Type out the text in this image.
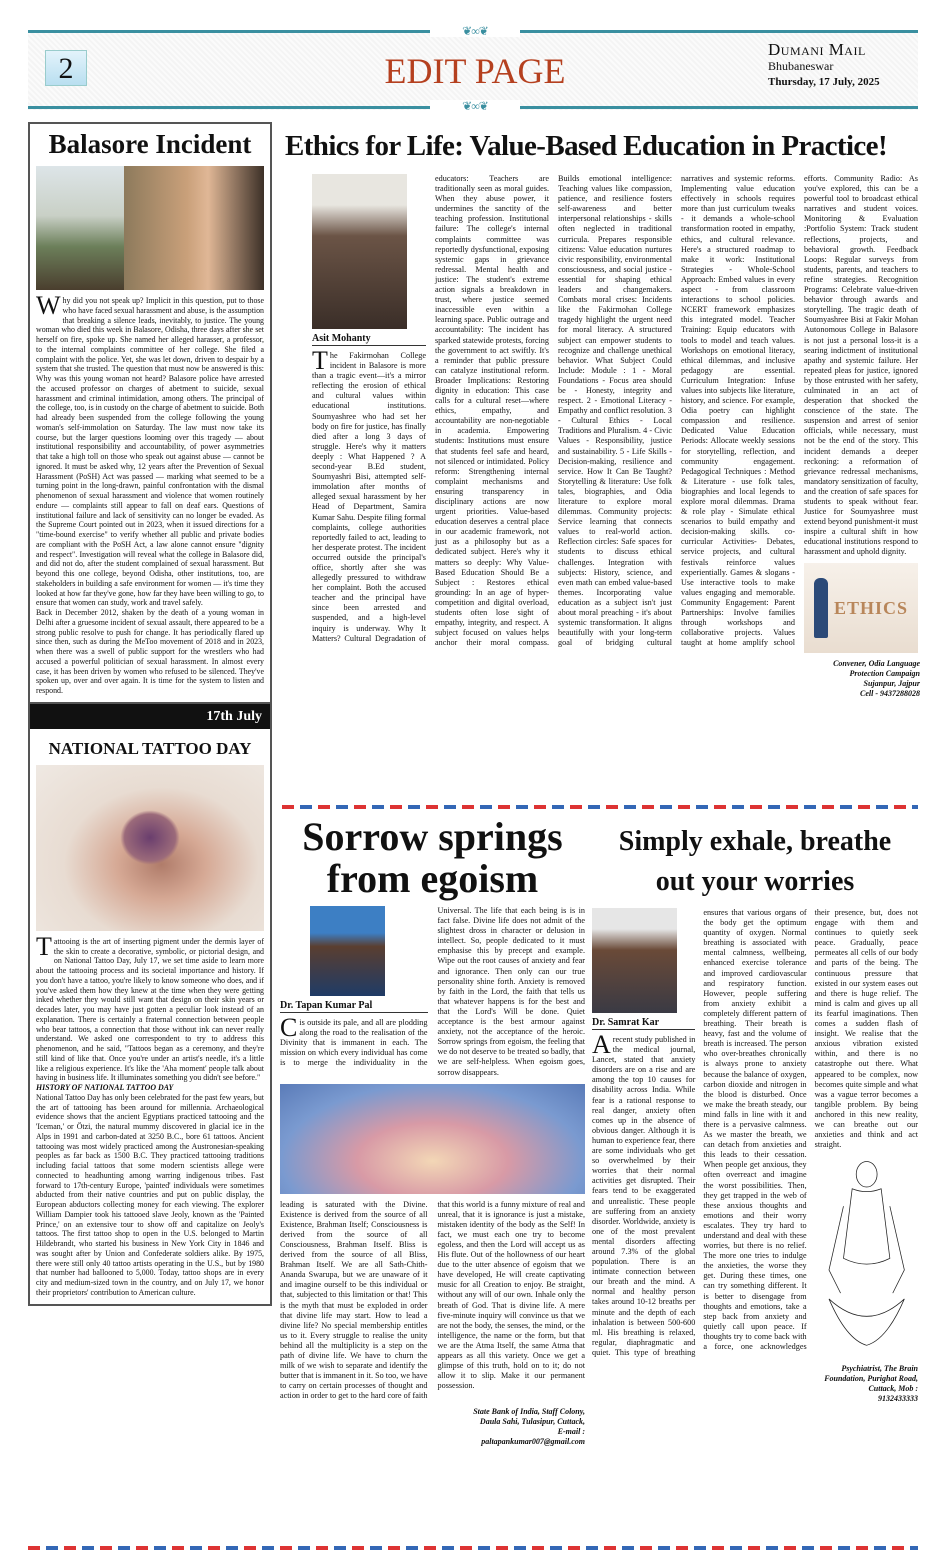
❦∞❦
❦∞❦
2	EDIT PAGE
Dumani Mail
Bhubaneswar
Thursday, 17 July, 2025
Balasore Incident

Why did you not speak up? Implicit in this question, put to those who have faced sexual harassment and abuse, is the assumption that breaking a silence leads, inevitably, to justice. The young woman who died this week in Balasore, Odisha, three days after she set herself on fire, spoke up. She named her alleged harasser, a professor, to the internal complaints committee of her college. She filed a complaint with the police. Yet, she was let down, driven to despair by a system that she trusted. The question that must now be answered is this: Why was this young woman not heard? Balasore police have arrested the accused professor on charges of abetment to suicide, sexual harassment and criminal intimidation, among others. The principal of the college, too, is in custody on the charge of abetment to suicide. Both had already been suspended from the college following the young woman's self-immolation on Saturday. The law must now take its course, but the larger questions looming over this tragedy — about institutional responsibility and accountability, of power asymmetries that take a high toll on those who speak out against abuse — cannot be ignored. It must be asked why, 12 years after the Prevention of Sexual Harassment (PoSH) Act was passed — marking what seemed to be a turning point in the long-drawn, painful confrontation with the dismal phenomenon of sexual harassment and violence that women routinely endure — complaints still appear to fall on deaf ears. Questions of institutional failure and lack of sensitivity can no longer be evaded. As the Supreme Court pointed out in 2023, when it issued directions for a "time-bound exercise" to verify whether all public and private bodies are compliant with the PoSH Act, a law alone cannot ensure "dignity and respect". Investigation will reveal what the college in Balasore did, and did not do, after the student complained of sexual harassment. But beyond this one college, beyond Odisha, other institutions, too, are stakeholders in building a safe environment for women — it's time they looked at how far they've gone, how far they have been willing to go, to ensure that women can study, work and travel safely.

Back in December 2012, shaken by the death of a young woman in Delhi after a gruesome incident of sexual assault, there appeared to be a strong public resolve to push for change. It has periodically flared up since then, such as during the MeToo movement of 2018 and in 2023, when there was a swell of public support for the wrestlers who had accused a powerful politician of sexual harassment. In almost every case, it has been driven by women who refused to be silenced. They've spoken up, over and over again. It is time for the system to listen and respond.

17th July
NATIONAL TATTOO DAY

Tattooing is the art of inserting pigment under the dermis layer of the skin to create a decorative, symbolic, or pictorial design, and on National Tattoo Day, July 17, we set time aside to learn more about the tattooing process and its societal importance and history. If you don't have a tattoo, you're likely to know someone who does, and if you've asked them how they knew at the time when they were getting inked whether they would still want that design on their skin years or decades later, you may have just gotten a peculiar look instead of an explanation. There is certainly a fraternal connection between people who bear tattoos, a connection that those without ink can never really understand. We asked one correspondent to try to address this phenomenon, and he said, "Tattoos began as a ceremony, and they're still kind of like that. Once you're under an artist's needle, it's a little like a religious experience. It's like the 'Aha moment' people talk about having in business life. It illuminates something you didn't see before."

HISTORY OF NATIONAL TATTOO DAY

National Tattoo Day has only been celebrated for the past few years, but the art of tattooing has been around for millennia. Archaeological evidence shows that the ancient Egyptians practiced tattooing and the 'Iceman,' or Ötzi, the natural mummy discovered in glacial ice in the Alps in 1991 and carbon-dated at 3250 B.C., bore 61 tattoos. Ancient tattooing was most widely practiced among the Austronesian-speaking peoples as far back as 1500 B.C. They practiced tattooing traditions including facial tattoos that some modern scientists allege were connected to headhunting among warring indigenous tribes. Fast forward to 17th-century Europe, 'painted' individuals were sometimes abducted from their native countries and put on public display, the European abductors collecting money for each viewing. The explorer William Dampier took his tattooed slave Jeoly, known as the 'Painted Prince,' on an extensive tour to show off and capitalize on Jeoly's tattoos. The first tattoo shop to open in the U.S. belonged to Martin Hildebrandt, who started his business in New York City in 1846 and was sought after by Union and Confederate soldiers alike. By 1975, there were still only 40 tattoo artists operating in the U.S., but by 1980 that number had ballooned to 5,000. Today, tattoo shops are in every city and medium-sized town in the country, and on July 17, we honor their proprietors' contribution to American culture.

Ethics for Life: Value-Based Education in Practice!
Asit Mohanty

The Fakirmohan College incident in Balasore is more than a tragic event—it's a mirror reflecting the erosion of ethical and cultural values within educational institutions. Soumyashree who had set her body on fire for justice, has finally died after a long 3 days of struggle. Here's why it matters deeply : What Happened ? A second-year B.Ed student, Soumyashri Bisi, attempted self-immolation after months of alleged sexual harassment by her Head of Department, Samira Kumar Sahu. Despite filing formal complaints, college authorities reportedly failed to act, leading to her desperate protest. The incident occurred outside the principal's office, shortly after she was allegedly pressured to withdraw her complaint. Both the accused teacher and the principal have since been arrested and suspended, and a high-level inquiry is underway. Why It Matters? Cultural Degradation of educators: Teachers are traditionally seen as moral guides. When they abuse power, it undermines the sanctity of the teaching profession. Institutional failure: The college's internal complaints committee was reportedly dysfunctional, exposing systemic gaps in grievance redressal. Mental health and justice: The student's extreme action signals a breakdown in trust, where justice seemed inaccessible even within a learning space. Public outrage and accountability: The incident has sparked statewide protests, forcing the government to act swiftly. It's a reminder that public pressure can catalyze institutional reform. Broader Implications: Restoring dignity in education: This case calls for a cultural reset—where ethics, empathy, and accountability are non-negotiable in academia. Empowering students: Institutions must ensure that students feel safe and heard, not silenced or intimidated. Policy reform: Strengthening internal complaint mechanisms and ensuring transparency in disciplinary actions are now urgent priorities. Value-based education deserves a central place in our academic framework, not just as a philosophy but as a dedicated subject. Here's why it matters so deeply: Why Value-Based Education Should Be a Subject : Restores ethical grounding: In an age of hyper-competition and digital overload, students often lose sight of empathy, integrity, and respect. A subject focused on values helps anchor their moral compass. Builds emotional intelligence: Teaching values like compassion, patience, and resilience fosters self-awareness and better interpersonal relationships - skills often neglected in traditional curricula. Prepares responsible citizens: Value education nurtures civic responsibility, environmental consciousness, and social justice - essential for shaping ethical leaders and changemakers. Combats moral crises: Incidents like the Fakirmohan College tragedy highlight the urgent need for moral literacy. A structured subject can empower students to recognize and challenge unethical behavior. What Subject Could Include: Module : 1 - Moral Foundations - Focus area should be - Honesty, integrity and respect. 2 - Emotional Literacy - Empathy and conflict resolution. 3 - Cultural Ethics - Local Traditions and Pluralism. 4 - Civic Values - Responsibility, justice and sustainability. 5 - Life Skills - Decision-making, resilience and service. How It Can Be Taught? Storytelling & literature: Use folk tales, biographies, and Odia literature to explore moral dilemmas. Community projects: Service learning that connects values to real-world action. Reflection circles: Safe spaces for students to discuss ethical challenges. Integration with subjects: History, science, and even math can embed value-based themes. Incorporating value education as a subject isn't just about moral preaching - it's about systemic transformation. It aligns beautifully with your long-term goal of bridging cultural narratives and systemic reforms. Implementing value education effectively in schools requires more than just curriculum tweaks - it demands a whole-school transformation rooted in empathy, ethics, and cultural relevance. Here's a structured roadmap to make it work: Institutional Strategies - Whole-School Approach: Embed values in every aspect - from classroom interactions to school policies. NCERT framework emphasizes this integrated model. Teacher Training: Equip educators with tools to model and teach values. Workshops on emotional literacy, ethical dilemmas, and inclusive pedagogy are essential. Curriculum Integration: Infuse values into subjects like literature, history, and science. For example, Odia poetry can highlight compassion and resilience. Dedicated Value Education Periods: Allocate weekly sessions for storytelling, reflection, and community engagement. Pedagogical Techniques : Method & Literature - use folk tales, biographies and local legends to explore moral dilemmas. Drama & role play - Simulate ethical scenarios to build empathy and decision-making skills. co-curricular Activities- Debates, service projects, and cultural festivals reinforce values experientially. Games & slogans - Use interactive tools to make values engaging and memorable. Community Engagement: Parent Partnerships: Involve families through workshops and collaborative projects. Values taught at home amplify school efforts. Community Radio: As you've explored, this can be a powerful tool to broadcast ethical narratives and student voices. Monitoring & Evaluation :Portfolio System: Track student reflections, projects, and behavioral growth. Feedback Loops: Regular surveys from students, parents, and teachers to refine strategies. Recognition Programs: Celebrate value-driven behavior through awards and storytelling. The tragic death of Soumyashree Bisi at Fakir Mohan Autonomous College in Balasore is not just a personal loss-it is a searing indictment of institutional apathy and systemic failure. Her repeated pleas for justice, ignored by those entrusted with her safety, culminated in an act of desperation that shocked the conscience of the state. The suspension and arrest of senior officials, while necessary, must not be the end of the story. This incident demands a deeper reckoning: a reformation of grievance redressal mechanisms, mandatory sensitization of faculty, and the creation of safe spaces for students to speak without fear. Justice for Soumyashree must extend beyond punishment-it must inspire a cultural shift in how educational institutions respond to harassment and uphold dignity.

ETHICS
Convener, Odia Language
Protection Campaign
Sujanpur, Jajpur
Cell - 9437288028
Sorrow springs
from egoism
Dr. Tapan Kumar Pal

Cis outside its pale, and all are plodding along the road to the realisation of the Divinity that is immanent in each. The mission on which every individual has come is to merge the individuality in the Universal. The life that each being is is in fact false. Divine life does not admit of the slightest dross in character or delusion in intellect. So, people dedicated to it must emphasise this by precept and example. Wipe out the root causes of anxiety and fear and ignorance. Then only can our true personality shine forth. Anxiety is removed by faith in the Lord, the faith that tells us that whatever happens is for the best and that the Lord's Will be done. Quiet acceptance is the best armour against anxiety, not the acceptance of the heroic. Sorrow springs from egoism, the feeling that we do not deserve to be treated so badly, that we are self-helpless. When egoism goes, sorrow disappears.

leading is saturated with the Divine. Existence is derived from the source of all Existence, Brahman Itself; Consciousness is derived from the source of all Consciousness, Brahman Itself. Bliss is derived from the source of all Bliss, Brahman Itself. We are all Sath-Chith-Ananda Swarupa, but we are unaware of it and imagine ourself to be this individual or that, subjected to this limitation or that! This is the myth that must be exploded in order that divine life may start. How to lead a divine life? No special membership entitles us to it. Every struggle to realise the unity behind all the multiplicity is a step on the path of divine life. We have to churn the milk of we wish to separate and identify the butter that is immanent in it. So too, we have to carry on certain processes of thought and action in order to get to the hard core of faith that this world is a funny mixture of real and unreal, that it is ignorance is just a mistake, mistaken identity of the body as the Self! In fact, we must each one try to become egoless, and then the Lord will accept us as His flute. Out of the hollowness of our heart due to the utter absence of egoism that we have developed, He will create captivating music for all Creation to enjoy. Be straight, without any will of our own. Inhale only the breath of God. That is divine life. A mere five-minute inquiry will convince us that we are not the body, the senses, the mind, or the intelligence, the name or the form, but that we are the Atma Itself, the same Atma that appears as all this variety. Once we get a glimpse of this truth, hold on to it; do not allow it to slip. Make it our permanent possession.
State Bank of India, Staff Colony,
Daula Sahi, Tulasipur, Cuttack,
E-mail :
paltapankumar007@gmail.com
Simply exhale, breathe
out your worries
Dr. Samrat Kar

Arecent study published in the medical journal, Lancet, stated that anxiety disorders are on a rise and are among the top 10 causes for disability across India. While fear is a rational response to real danger, anxiety often comes up in the absence of obvious danger. Although it is human to experience fear, there are some individuals who get so overwhelmed by their worries that their normal activities get disrupted. Their fears tend to be exaggerated and unrealistic. These people are suffering from an anxiety disorder. Worldwide, anxiety is one of the most prevalent mental disorders affecting around 7.3% of the global population. There is an intimate connection between our breath and the mind. A normal and healthy person takes around 10-12 breaths per minute and the depth of each inhalation is between 500-600 ml. His breathing is relaxed, regular, diaphragmatic and quiet. This type of breathing ensures that various organs of the body get the optimum quantity of oxygen. Normal breathing is associated with mental calmness, wellbeing, enhanced exercise tolerance and improved cardiovascular and respiratory function. However, people suffering from anxiety exhibit a completely different pattern of breathing. Their breath is heavy, fast and the volume of breath is increased. The person who over-breathes chronically is always prone to anxiety because the balance of oxygen, carbon dioxide and nitrogen in the blood is disturbed. Once we make the breath steady, our mind falls in line with it and there is a pervasive calmness. As we master the breath, we can detach from anxieties and this leads to their cessation. When people get anxious, they often overreact and imagine the worst possibilities. Then, they get trapped in the web of these anxious thoughts and emotions and their worry escalates. They try hard to understand and deal with these worries, but there is no relief. The more one tries to indulge the anxieties, the worse they get. During these times, one can try something different. It is better to disengage from thoughts and emotions, take a step back from anxiety and quietly call upon peace. If thoughts try to come back with a force, one acknowledges their presence, but, does not engage with them and continues to quietly seek peace. Gradually, peace permeates all cells of our body and parts of the being. The continuous pressure that existed in our system eases out and there is huge relief. The mind is calm and gives up all its fearful imaginations. Then comes a sudden flash of insight. We realise that the anxious vibration existed within, and there is no catastrophe out there. What appeared to be complex, now becomes quite simple and what was a vague terror becomes a tangible problem. By being anchored in this new reality, we can breathe out our anxieties and think and act straight.

Psychiatrist, The Brain
Foundation, Purighat Road,
Cuttack, Mob :
9132433333
